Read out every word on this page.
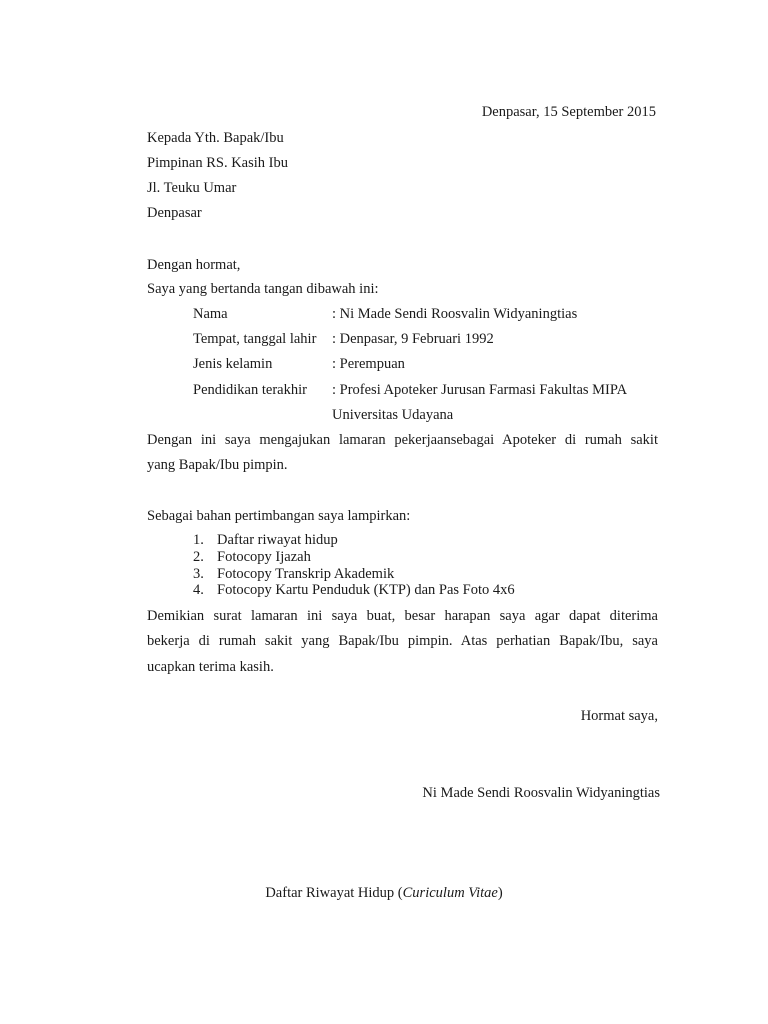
Denpasar, 15 September 2015
Kepada Yth. Bapak/Ibu
Pimpinan RS. Kasih Ibu
Jl. Teuku Umar
Denpasar
Dengan hormat,
Saya yang bertanda tangan dibawah ini:
Nama	: Ni Made Sendi Roosvalin Widyaningtias
Tempat, tanggal lahir : Denpasar, 9 Februari 1992
Jenis kelamin	: Perempuan
Pendidikan terakhir : Profesi Apoteker Jurusan Farmasi Fakultas MIPA
Universitas Udayana
Dengan ini saya mengajukan lamaran pekerjaansebagai Apoteker di rumah sakit
yang Bapak/Ibu pimpin.
Sebagai bahan pertimbangan saya lampirkan:
1. Daftar riwayat hidup
2. Fotocopy Ijazah
3. Fotocopy Transkrip Akademik
4. Fotocopy Kartu Penduduk (KTP) dan Pas Foto 4x6
Demikian surat lamaran ini saya buat, besar harapan saya agar dapat diterima
bekerja di rumah sakit yang Bapak/Ibu pimpin. Atas perhatian Bapak/Ibu, saya
ucapkan terima kasih.
Hormat saya,
Ni Made Sendi Roosvalin Widyaningtias
Daftar Riwayat Hidup (Curiculum Vitae)
